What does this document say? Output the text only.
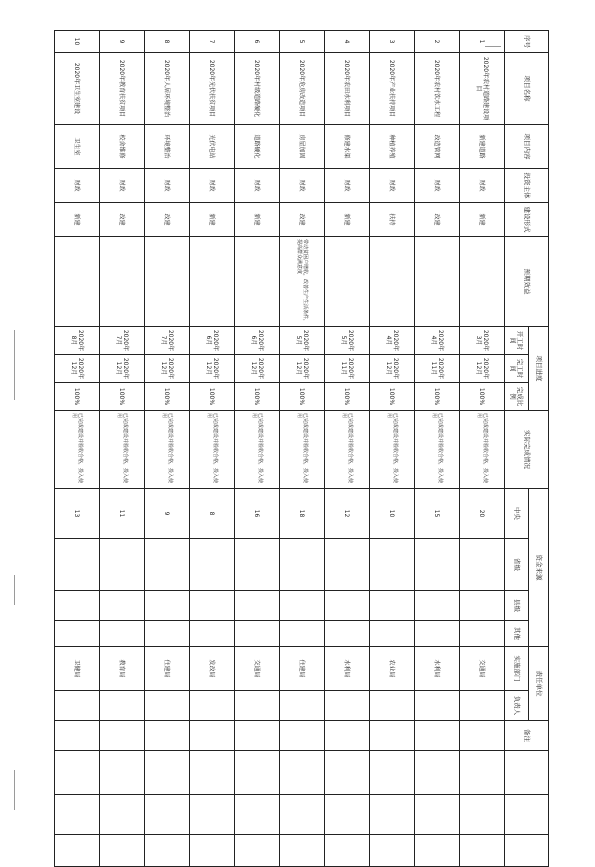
序号	项目名称	项目内容	投资主体	建设形式	预期效益	项目进度			实际完成情况	资金来源				责任单位		备注			
						开工时间	完工时间	完成比例		中央	省级	县级	其他	实施部门	负责人				
1	2020年农村道路建设项目	新建道路	财政	新建		2020年3月	2020年12月	100%	已完成建设并验收合格，投入使用	20				交通局					
2	2020年农村饮水工程	改造管网	财政	改建		2020年4月	2020年11月	100%	已完成建设并验收合格，投入使用	15				水利局					
3	2020年产业扶持项目	种植养殖	财政	扶持		2020年4月	2020年12月	100%	已完成建设并验收合格，投入使用	10				农业局					
4	2020年农田水利项目	修建水渠	财政	新建		2020年5月	2020年11月	100%	已完成建设并验收合格，投入使用	12				水利局					
5	2020年危房改造项目	房屋加固	财政	改建	带动贫困户增收，改善生产生活条件，提高群众满意度	2020年5月	2020年12月	100%	已完成建设并验收合格，投入使用	18				住建局					
6	2020年村级道路硬化	道路硬化	财政	新建		2020年6月	2020年12月	100%	已完成建设并验收合格，投入使用	16				交通局					
7	2020年光伏扶贫项目	光伏电站	财政	新建		2020年6月	2020年12月	100%	已完成建设并验收合格，投入使用	8				发改局					
8	2020年人居环境整治	环境整治	财政	改建		2020年7月	2020年12月	100%	已完成建设并验收合格，投入使用	9				住建局					
9	2020年教育扶贫项目	校舍维修	财政	改建		2020年7月	2020年12月	100%	已完成建设并验收合格，投入使用	11				教育局					
10	2020年卫生室建设	卫生室	财政	新建		2020年8月	2020年12月	100%	已完成建设并验收合格，投入使用	13				卫健局					
